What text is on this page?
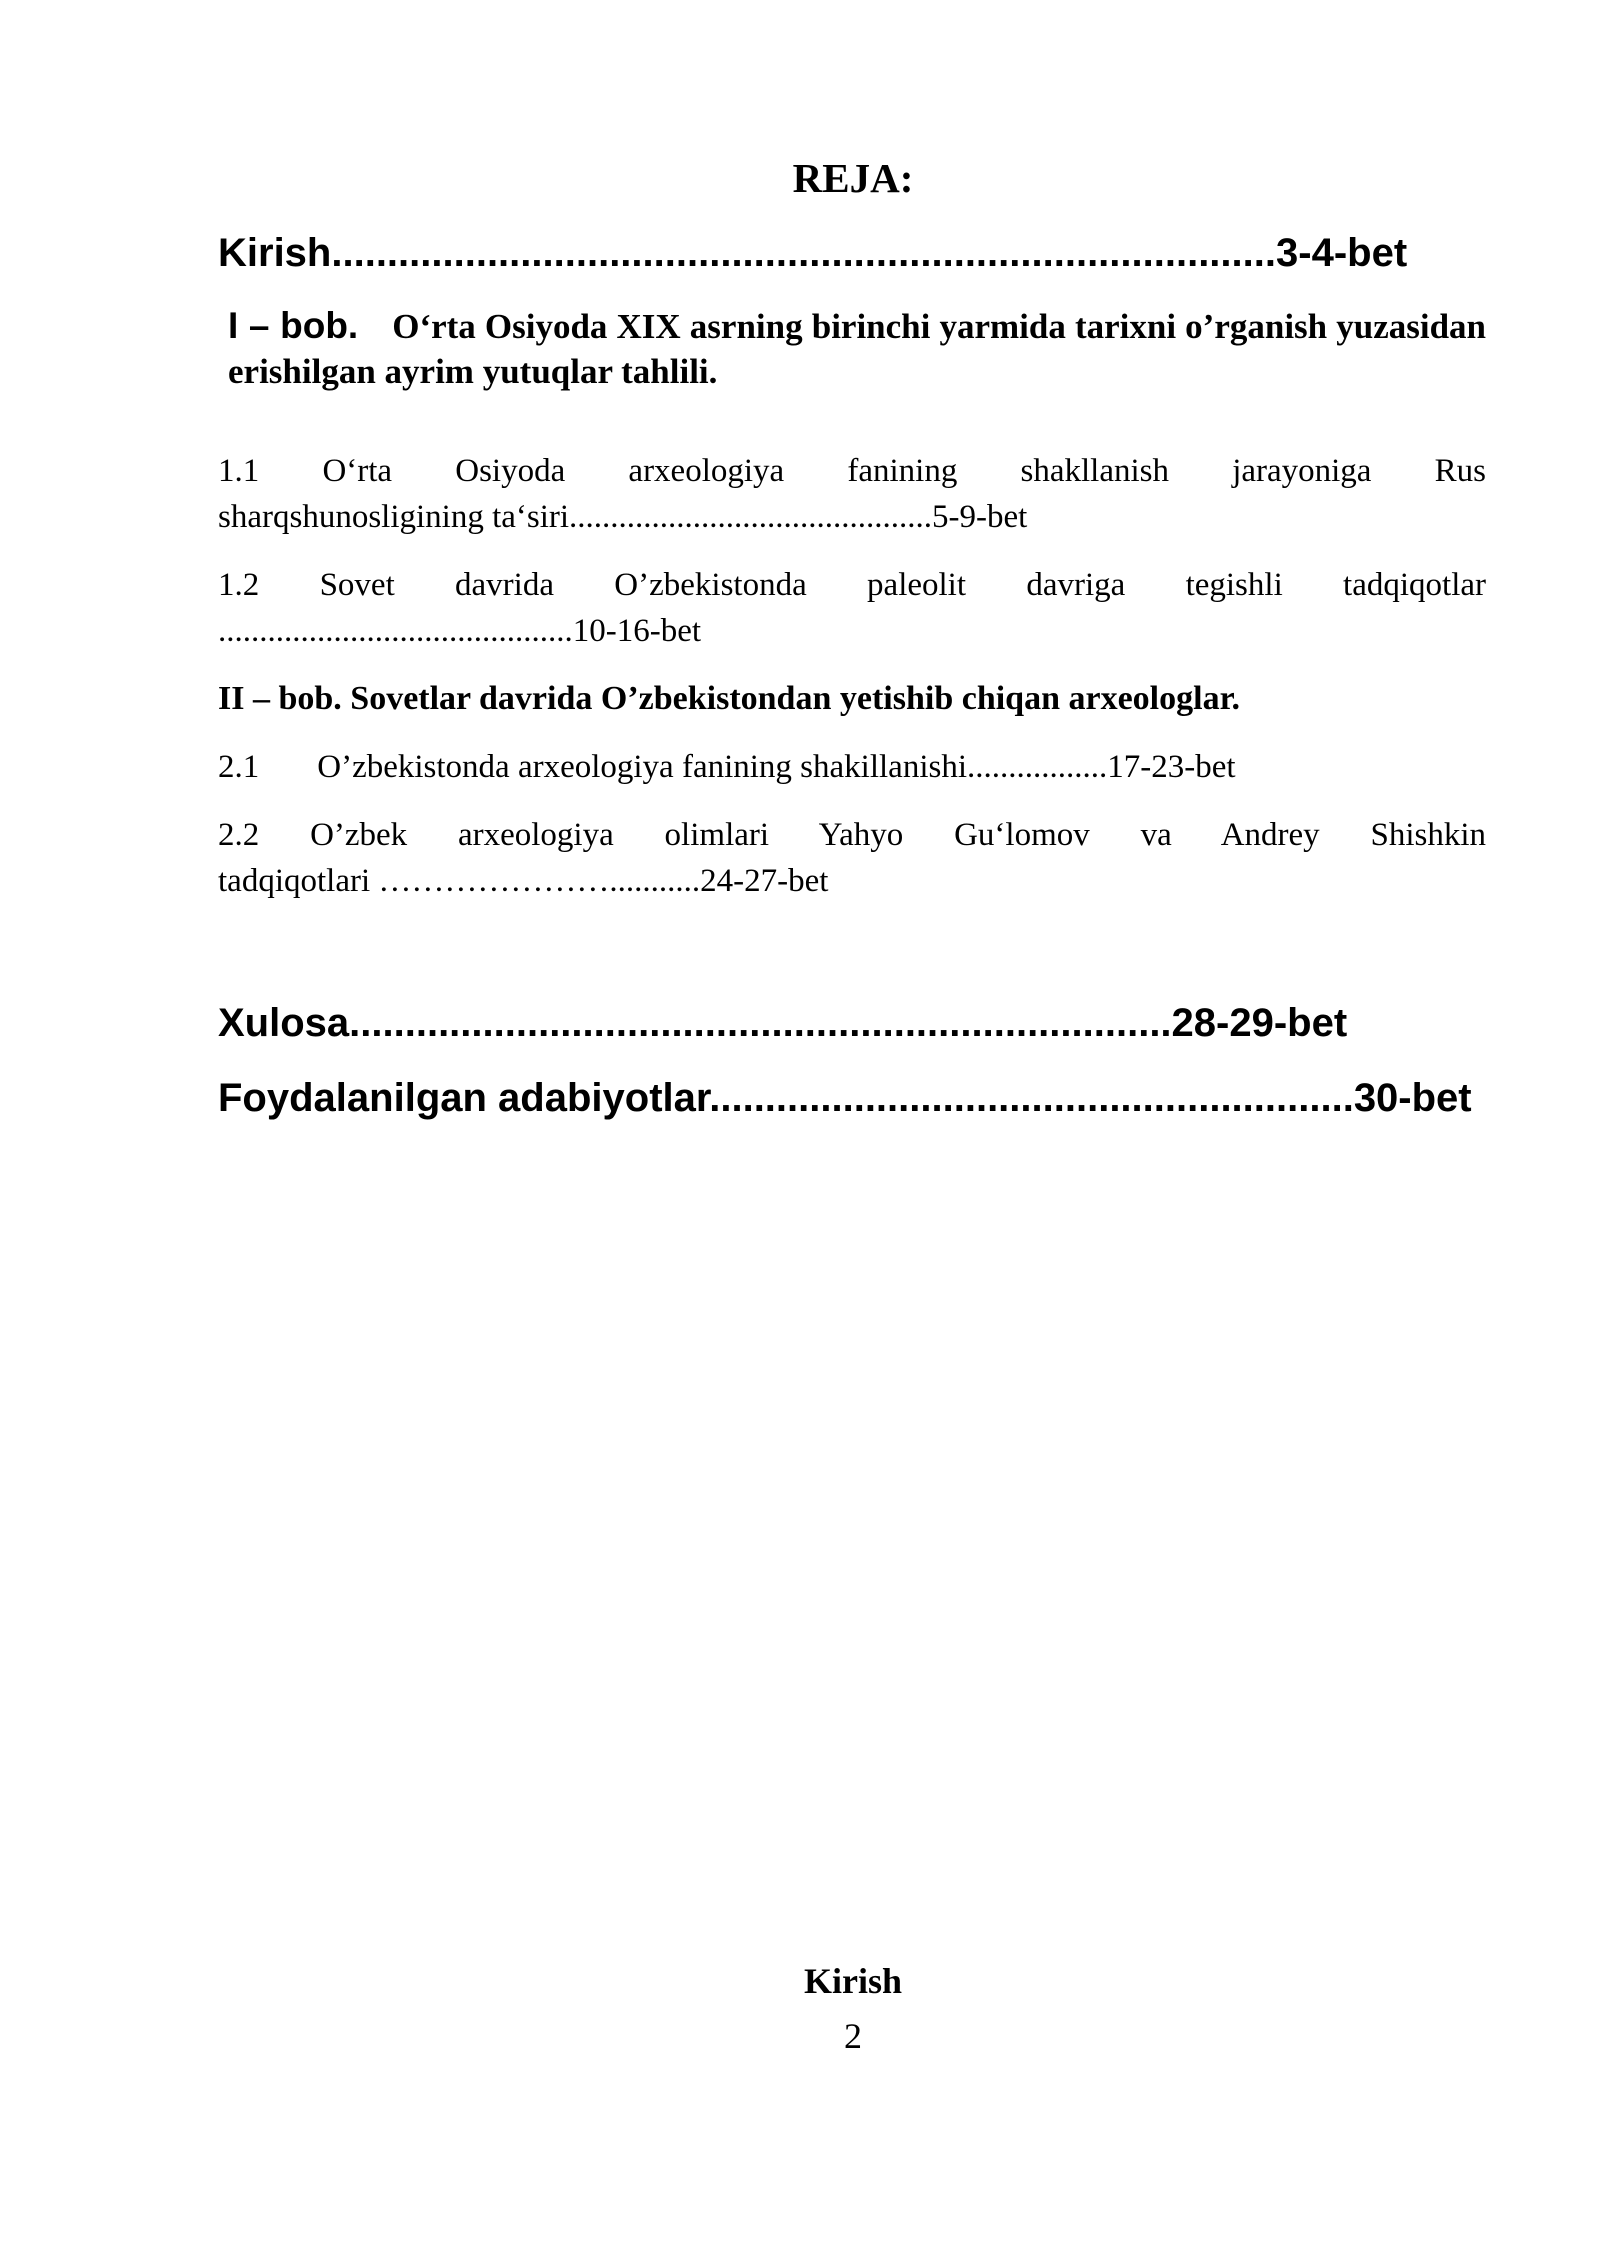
REJA:
Kirish.....................................................................................3-4-bet

I – bob. O‘rta Osiyoda XIX asrning birinchi yarmida tarixni o’rganish yuzasidan erishilgan ayrim yutuqlar tahlili.

1.1 O‘rta Osiyoda arxeologiya fanining shakllanish jarayoniga Rus
sharqshunosligining ta‘siri............................................5-9-bet
1.2 Sovet davrida O’zbekistonda paleolit davriga tegishli tadqiqotlar
...........................................10-16-bet
II – bob. Sovetlar davrida O’zbekistondan yetishib chiqan arxeologlar.
2.1 O’zbekistonda arxeologiya fanining shakillanishi.................17-23-bet
2.2 O’zbek arxeologiya olimlari Yahyo Gu‘lomov va Andrey Shishkin
tadqiqotlari …………………...........24-27-bet
Xulosa..........................................................................28-29-bet
Foydalanilgan adabiyotlar..........................................................30-bet
Kirish
2
